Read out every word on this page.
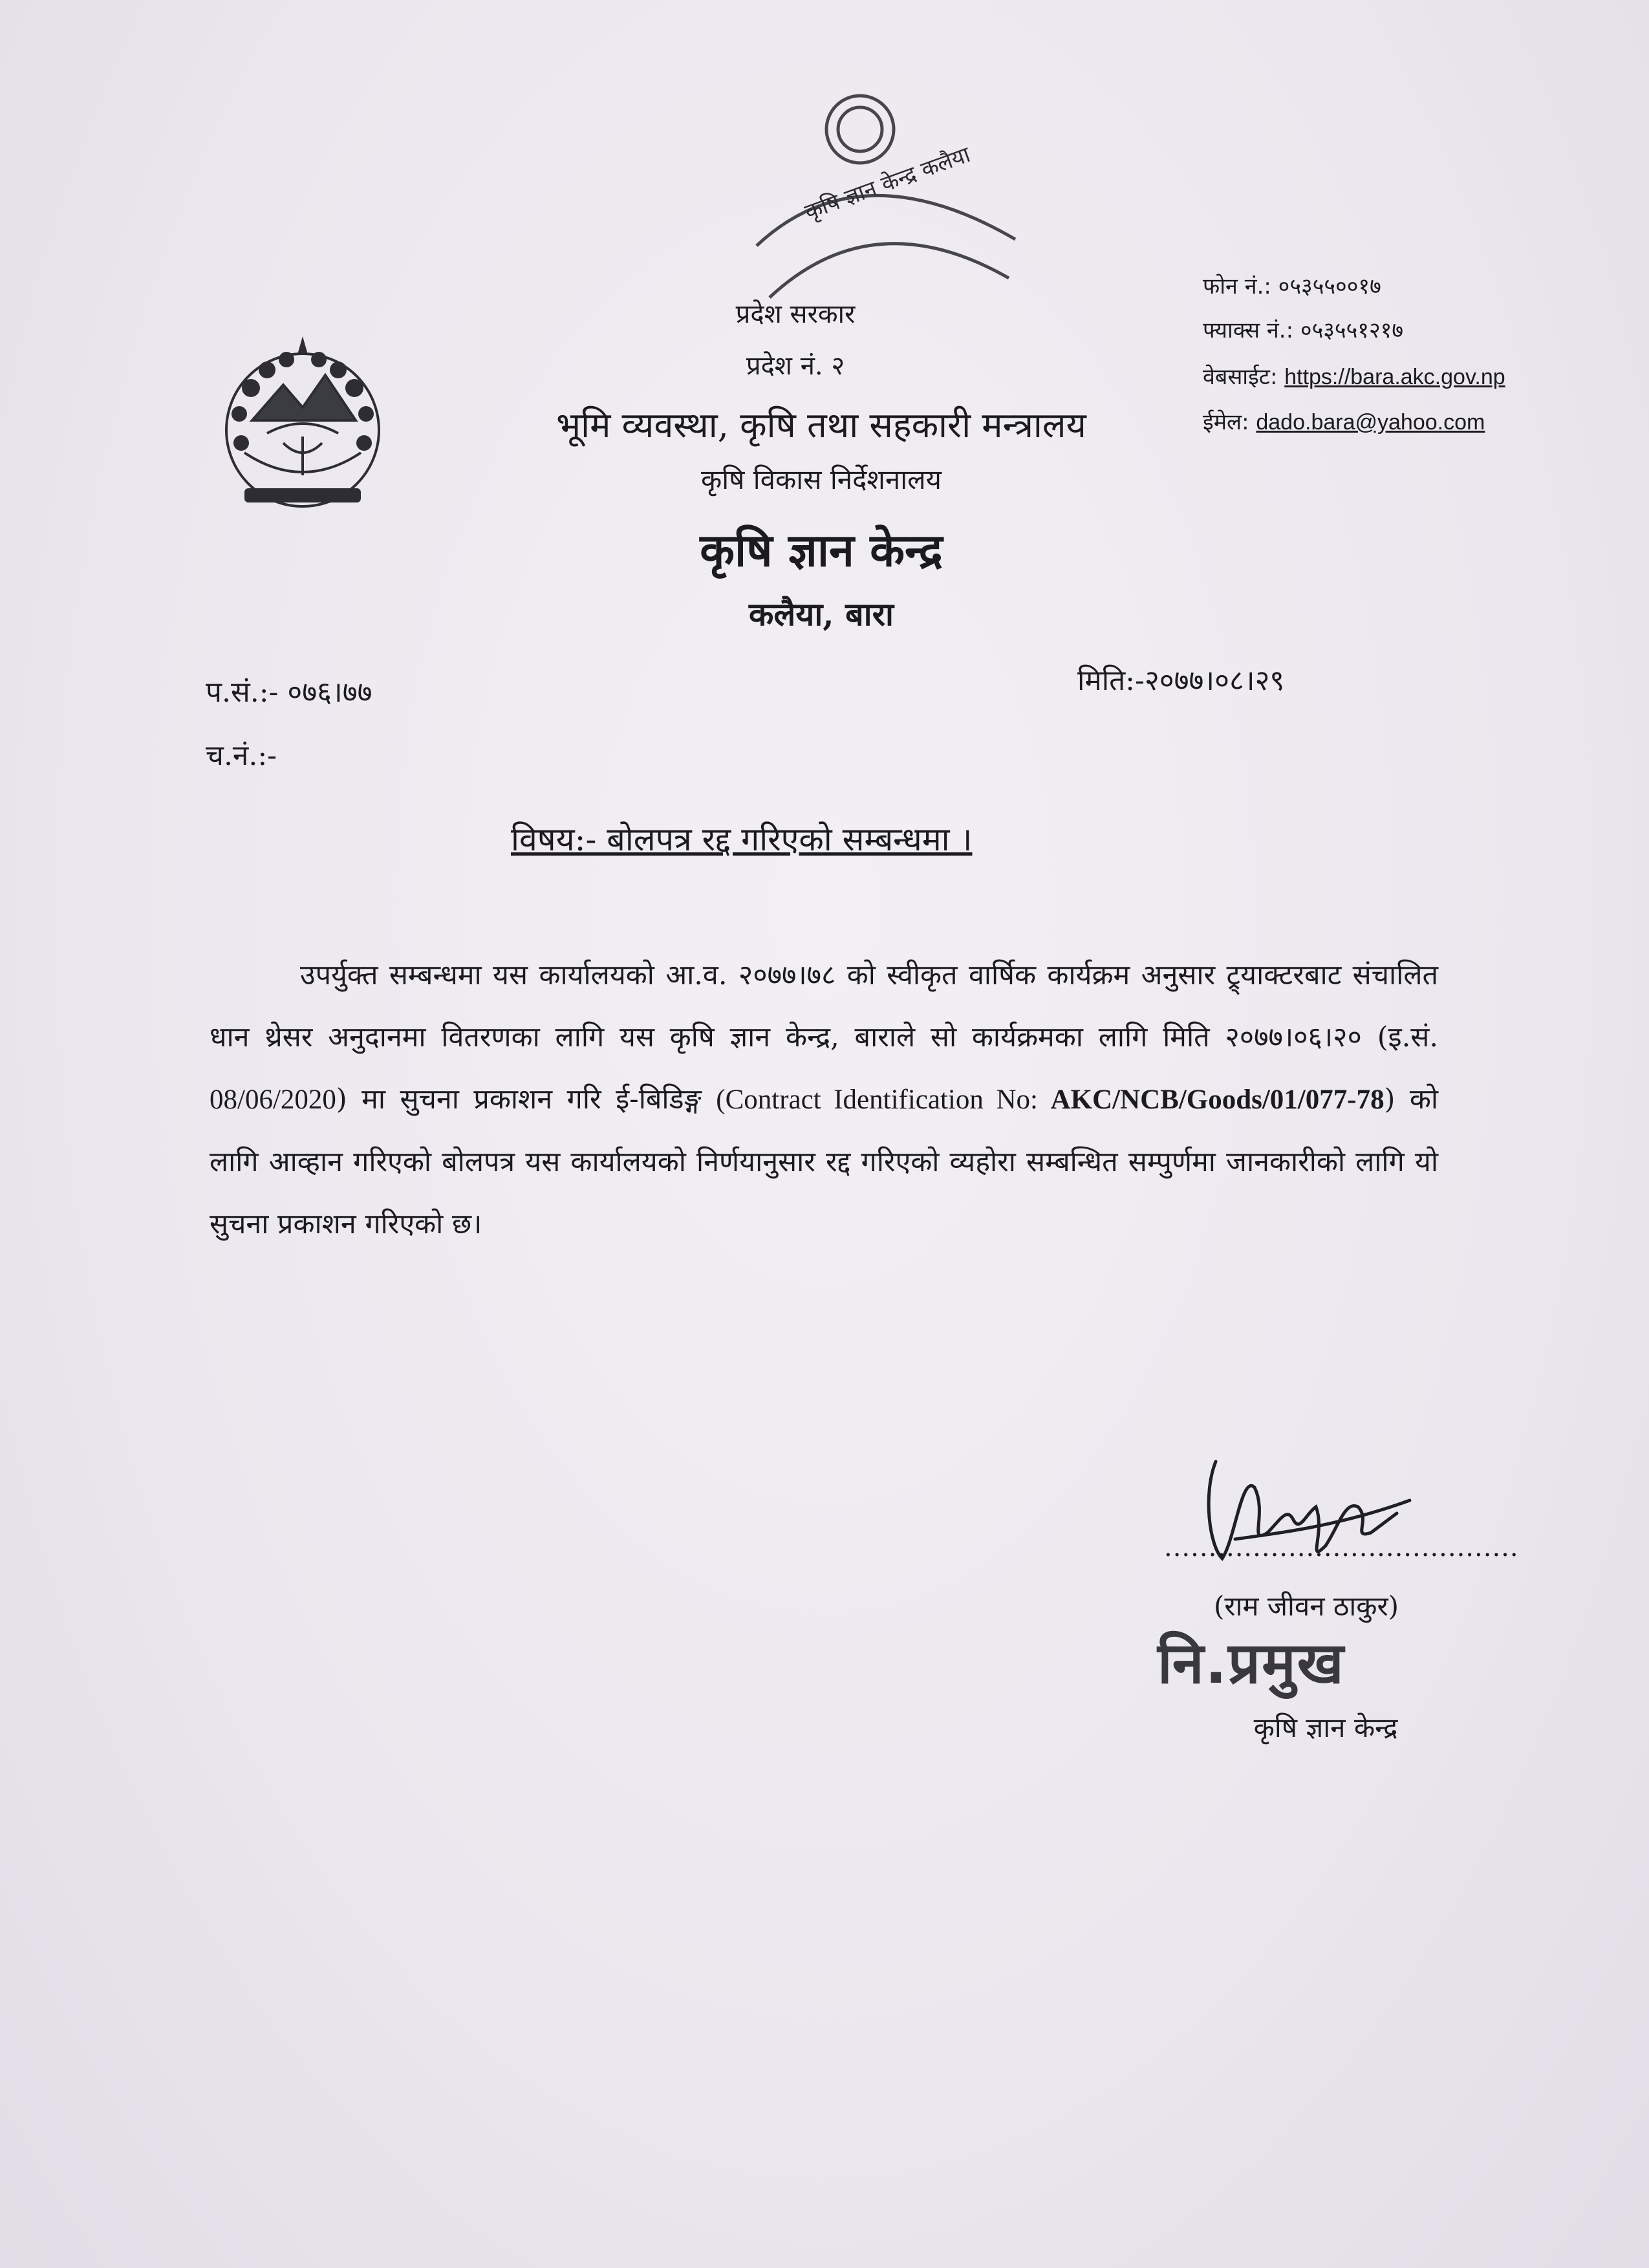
कृषि ज्ञान केन्द्र कलैया
प्रदेश सरकार
प्रदेश नं. २
भूमि व्यवस्था, कृषि तथा सहकारी मन्त्रालय
कृषि विकास निर्देशनालय
कृषि ज्ञान केन्द्र
कलैया, बारा
फोन नं.: ०५३‌‍‍५५००१७
फ्याक्स नं.: ०५३‍५५१२१७
वेबसाईट: https://bara.akc.gov.np
ईमेल: dado.bara@yahoo.com
प.सं.:- ०७६।७७
च.नं.:-
मिति:-२०७७।०८।२९
विषय:- बोलपत्र रद्द गरिएको सम्बन्धमा ।
उपर्युक्त सम्बन्धमा यस कार्यालयको आ.व. २०७७।७८ को स्वीकृत वार्षिक कार्यक्रम अनुसार ट्र्याक्टरबाट संचालित धान थ्रेसर अनुदानमा वितरणका लागि यस कृषि ज्ञान केन्द्र, बाराले सो कार्यक्रमका लागि मिति २०७७।०६।२० (इ.सं. 08/06/2020) मा सुचना प्रकाशन गरि ई-बिडिङ्ग (Contract Identification No: AKC/NCB/Goods/01/077-78) को लागि आव्हान गरिएको बोलपत्र यस कार्यालयको निर्णयानुसार रद्द गरिएको व्यहोरा सम्बन्धित सम्पुर्णमा जानकारीको लागि यो सुचना प्रकाशन गरिएको छ।
........................................
(राम जीवन ठाकुर)
नि.प्रमुख
कृषि ज्ञान केन्द्र
